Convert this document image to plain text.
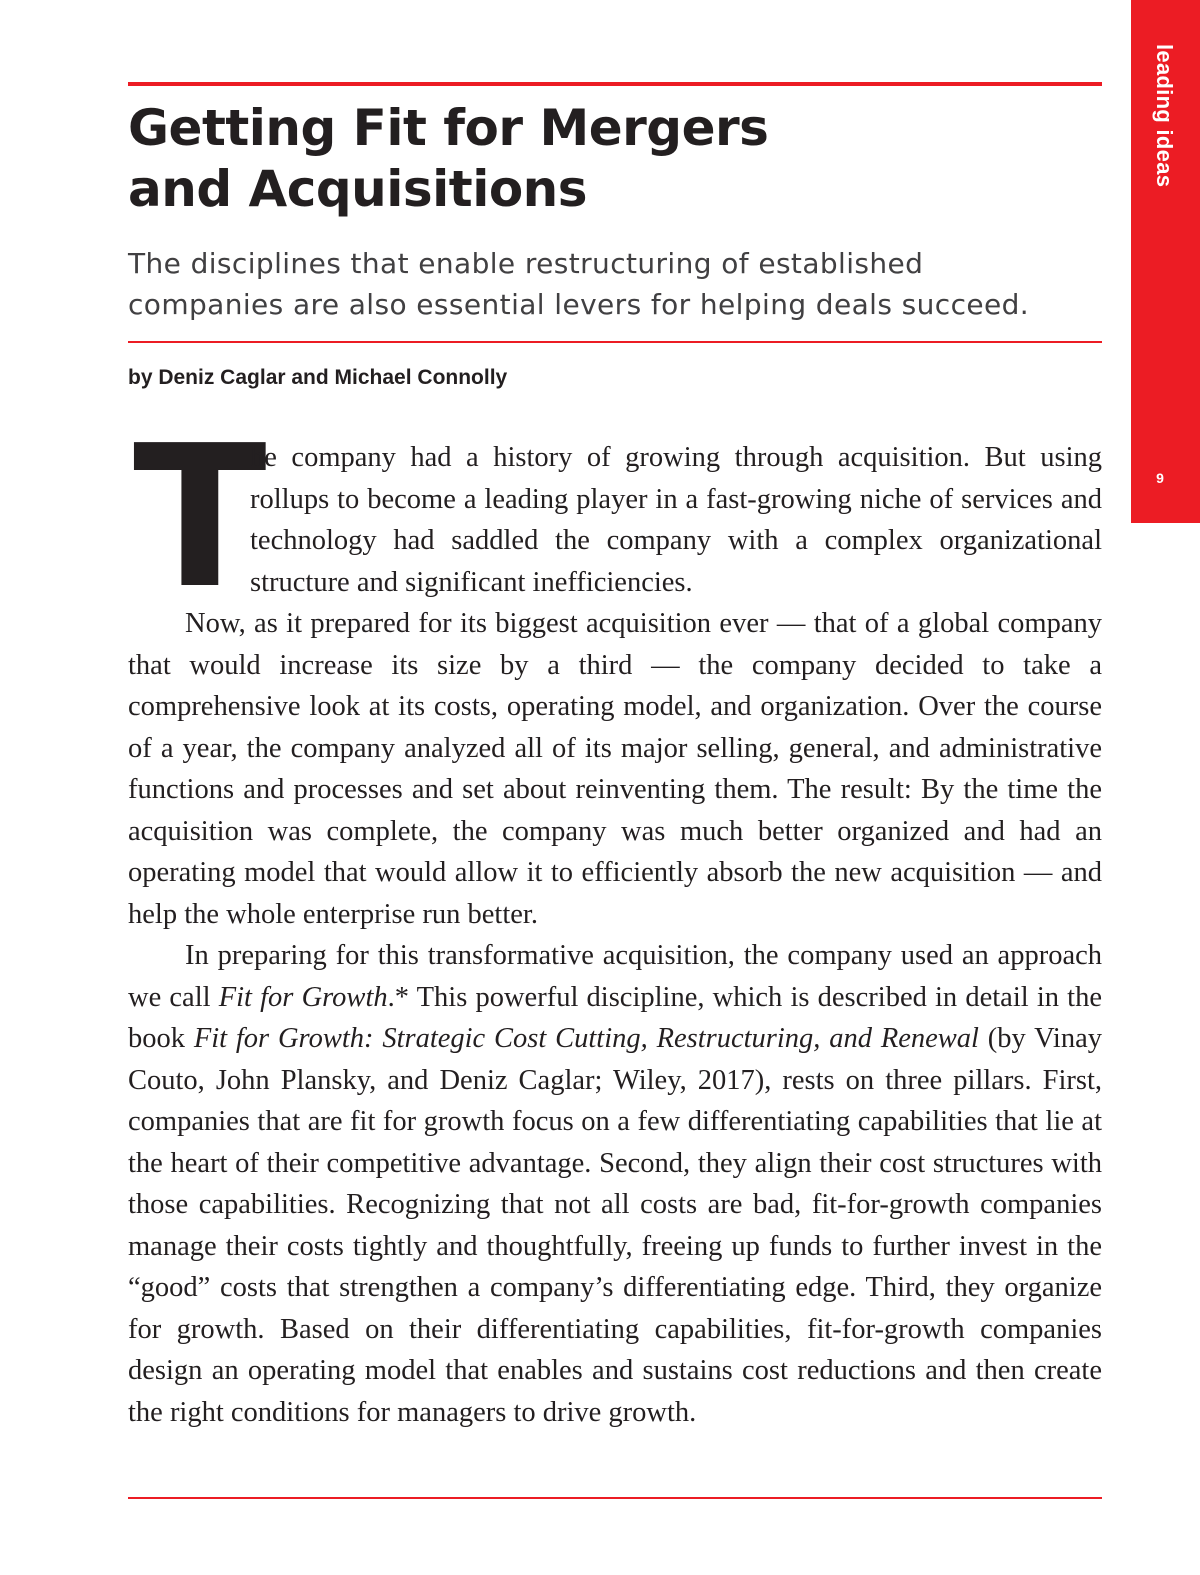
leading ideas
9
Getting Fit for Mergers
and Acquisitions

The disciplines that enable restructuring of established
companies are also essential levers for helping deals succeed.

by Deniz Caglar and Michael Connolly

T

he company had a history of growing through acquisition. But using rollups to become a leading player in a fast-growing niche of services and technology had saddled the company with a complex organizational structure and significant inefficiencies.

Now, as it prepared for its biggest acquisition ever — that of a global company that would increase its size by a third — the company decided to take a comprehensive look at its costs, operating model, and organization. Over the course of a year, the company analyzed all of its major selling, general, and administrative functions and processes and set about reinventing them. The result: By the time the acquisition was complete, the company was much better organized and had an operating model that would allow it to efficiently absorb the new acquisition — and help the whole enterprise run better.

In preparing for this transformative acquisition, the company used an approach we call Fit for Growth.* This powerful discipline, which is described in detail in the book Fit for Growth: Strategic Cost Cutting, Restructuring, and Renewal (by Vinay Couto, John Plansky, and Deniz Caglar; Wiley, 2017), rests on three pillars. First, companies that are fit for growth focus on a few differentiating capabilities that lie at the heart of their competitive advantage. Second, they align their cost structures with those capabilities. Recognizing that not all costs are bad, fit-for-growth companies manage their costs tightly and thoughtfully, freeing up funds to further invest in the “good” costs that strengthen a company’s differentiating edge. Third, they organize for growth. Based on their differentiating capabilities, fit-for-growth companies design an operating model that enables and sustains cost reductions and then create the right conditions for managers to drive growth.
